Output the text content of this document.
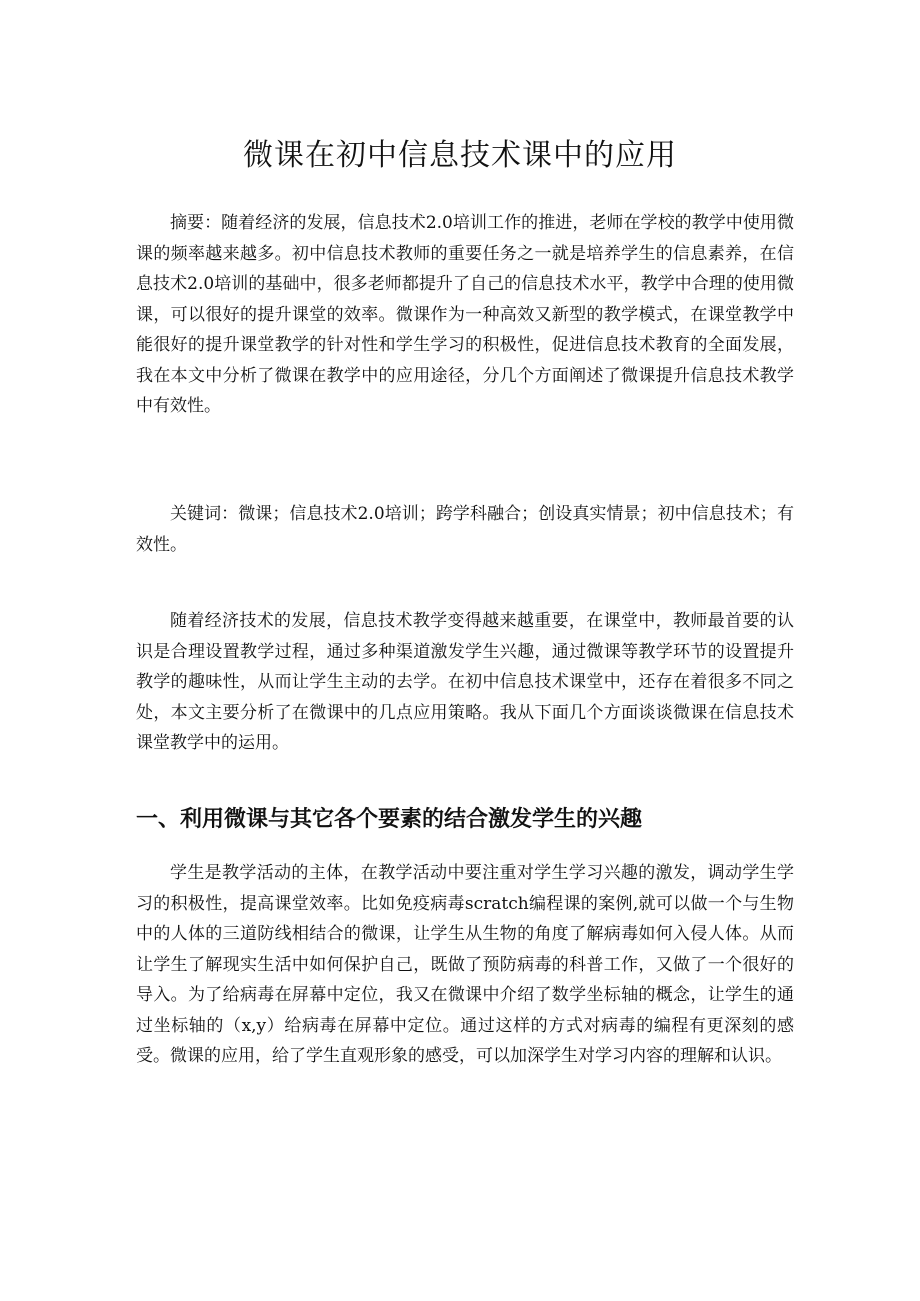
微课在初中信息技术课中的应用

摘要：随着经济的发展，信息技术2.0培训工作的推进，老师在学校的教学中使用微课的频率越来越多。初中信息技术教师的重要任务之一就是培养学生的信息素养，在信息技术2.0培训的基础中，很多老师都提升了自己的信息技术水平，教学中合理的使用微课，可以很好的提升课堂的效率。微课作为一种高效又新型的教学模式，在课堂教学中能很好的提升课堂教学的针对性和学生学习的积极性，促进信息技术教育的全面发展，我在本文中分析了微课在教学中的应用途径，分几个方面阐述了微课提升信息技术教学中有效性。

关键词：微课；信息技术2.0培训；跨学科融合；创设真实情景；初中信息技术；有效性。

随着经济技术的发展，信息技术教学变得越来越重要，在课堂中，教师最首要的认识是合理设置教学过程，通过多种渠道激发学生兴趣，通过微课等教学环节的设置提升教学的趣味性，从而让学生主动的去学。在初中信息技术课堂中，还存在着很多不同之处，本文主要分析了在微课中的几点应用策略。我从下面几个方面谈谈微课在信息技术课堂教学中的运用。

一、利用微课与其它各个要素的结合激发学生的兴趣

学生是教学活动的主体，在教学活动中要注重对学生学习兴趣的激发，调动学生学习的积极性，提高课堂效率。比如免疫病毒scratch编程课的案例,就可以做一个与生物中的人体的三道防线相结合的微课，让学生从生物的角度了解病毒如何入侵人体。从而让学生了解现实生活中如何保护自己，既做了预防病毒的科普工作，又做了一个很好的导入。为了给病毒在屏幕中定位，我又在微课中介绍了数学坐标轴的概念，让学生的通过坐标轴的（x,y）给病毒在屏幕中定位。通过这样的方式对病毒的编程有更深刻的感受。微课的应用，给了学生直观形象的感受，可以加深学生对学习内容的理解和认识。
